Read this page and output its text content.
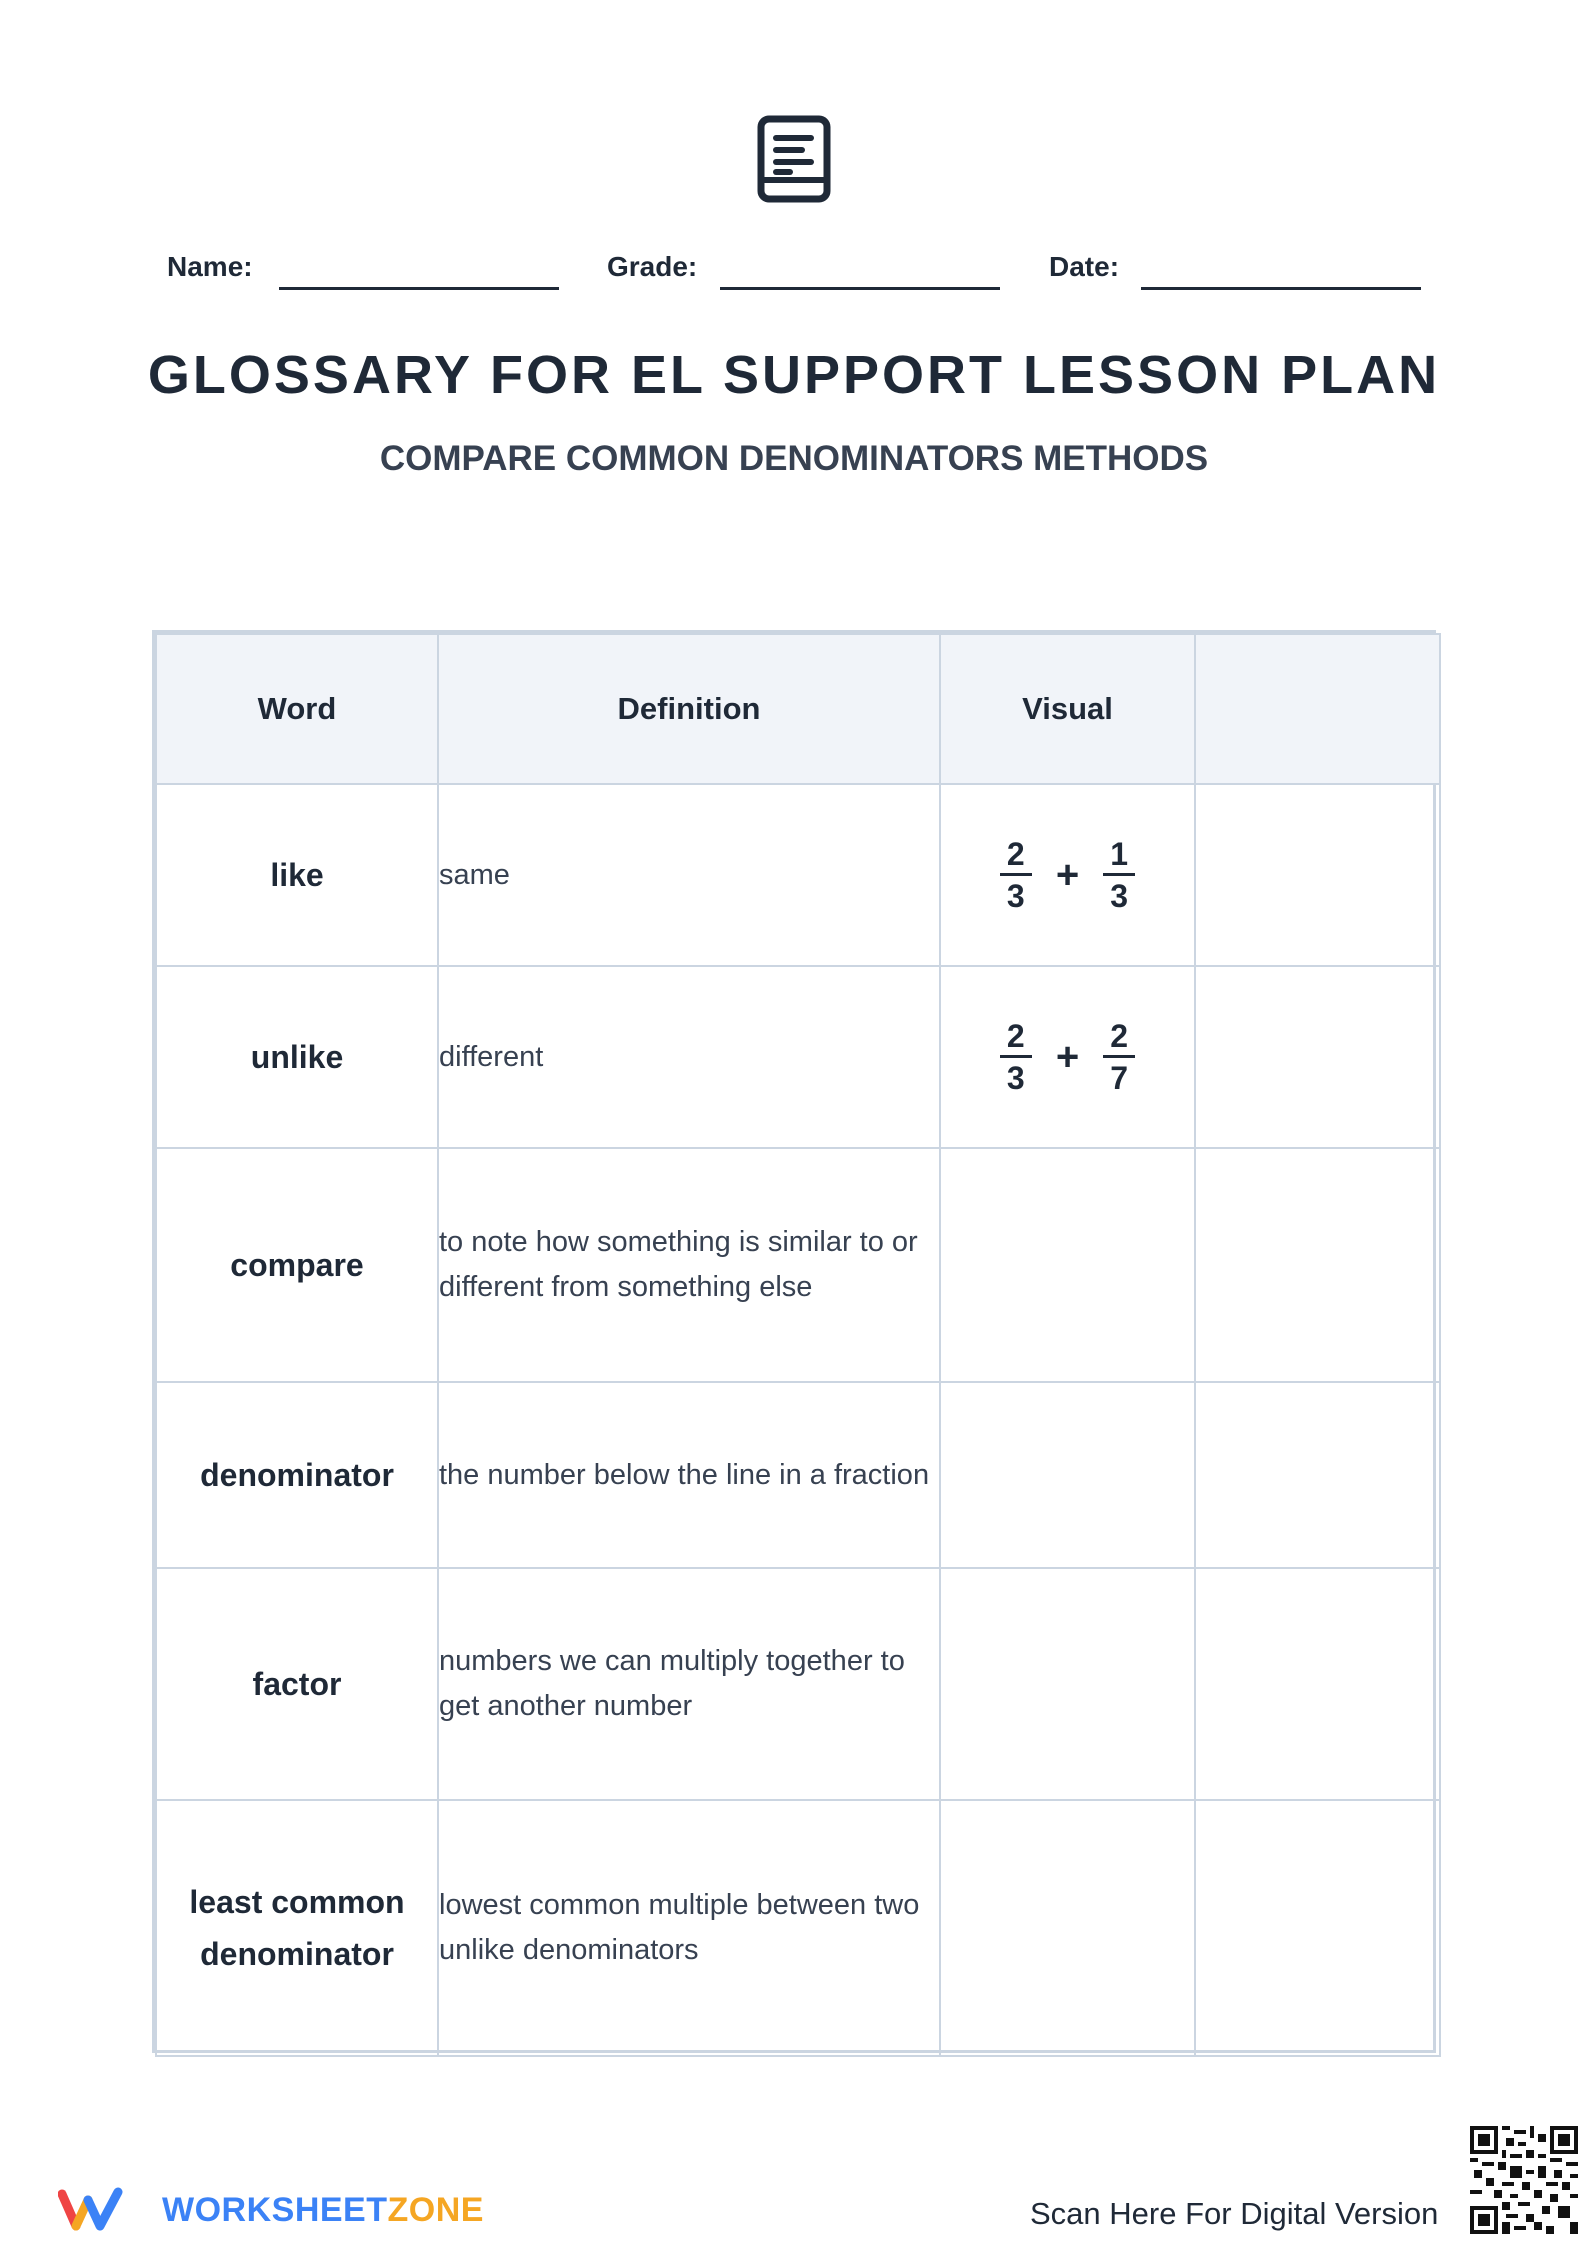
Name:	Grade:	Date:
GLOSSARY FOR EL SUPPORT LESSON PLAN
COMPARE COMMON DENOMINATORS METHODS
Word	Definition	Visual	
like	same	$\frac{2}{3} + \frac{1}{3}$

unlike	different	$\frac{2}{3} + \frac{2}{7}$

compare	to note how something is similar to or different from something else		
denominator	the number below the line in a fraction		
factor	numbers we can multiply together to get another number		
least common denominator	lowest common multiple between two unlike denominators		
WORKSHEETZONE	Scan Here For Digital Version
